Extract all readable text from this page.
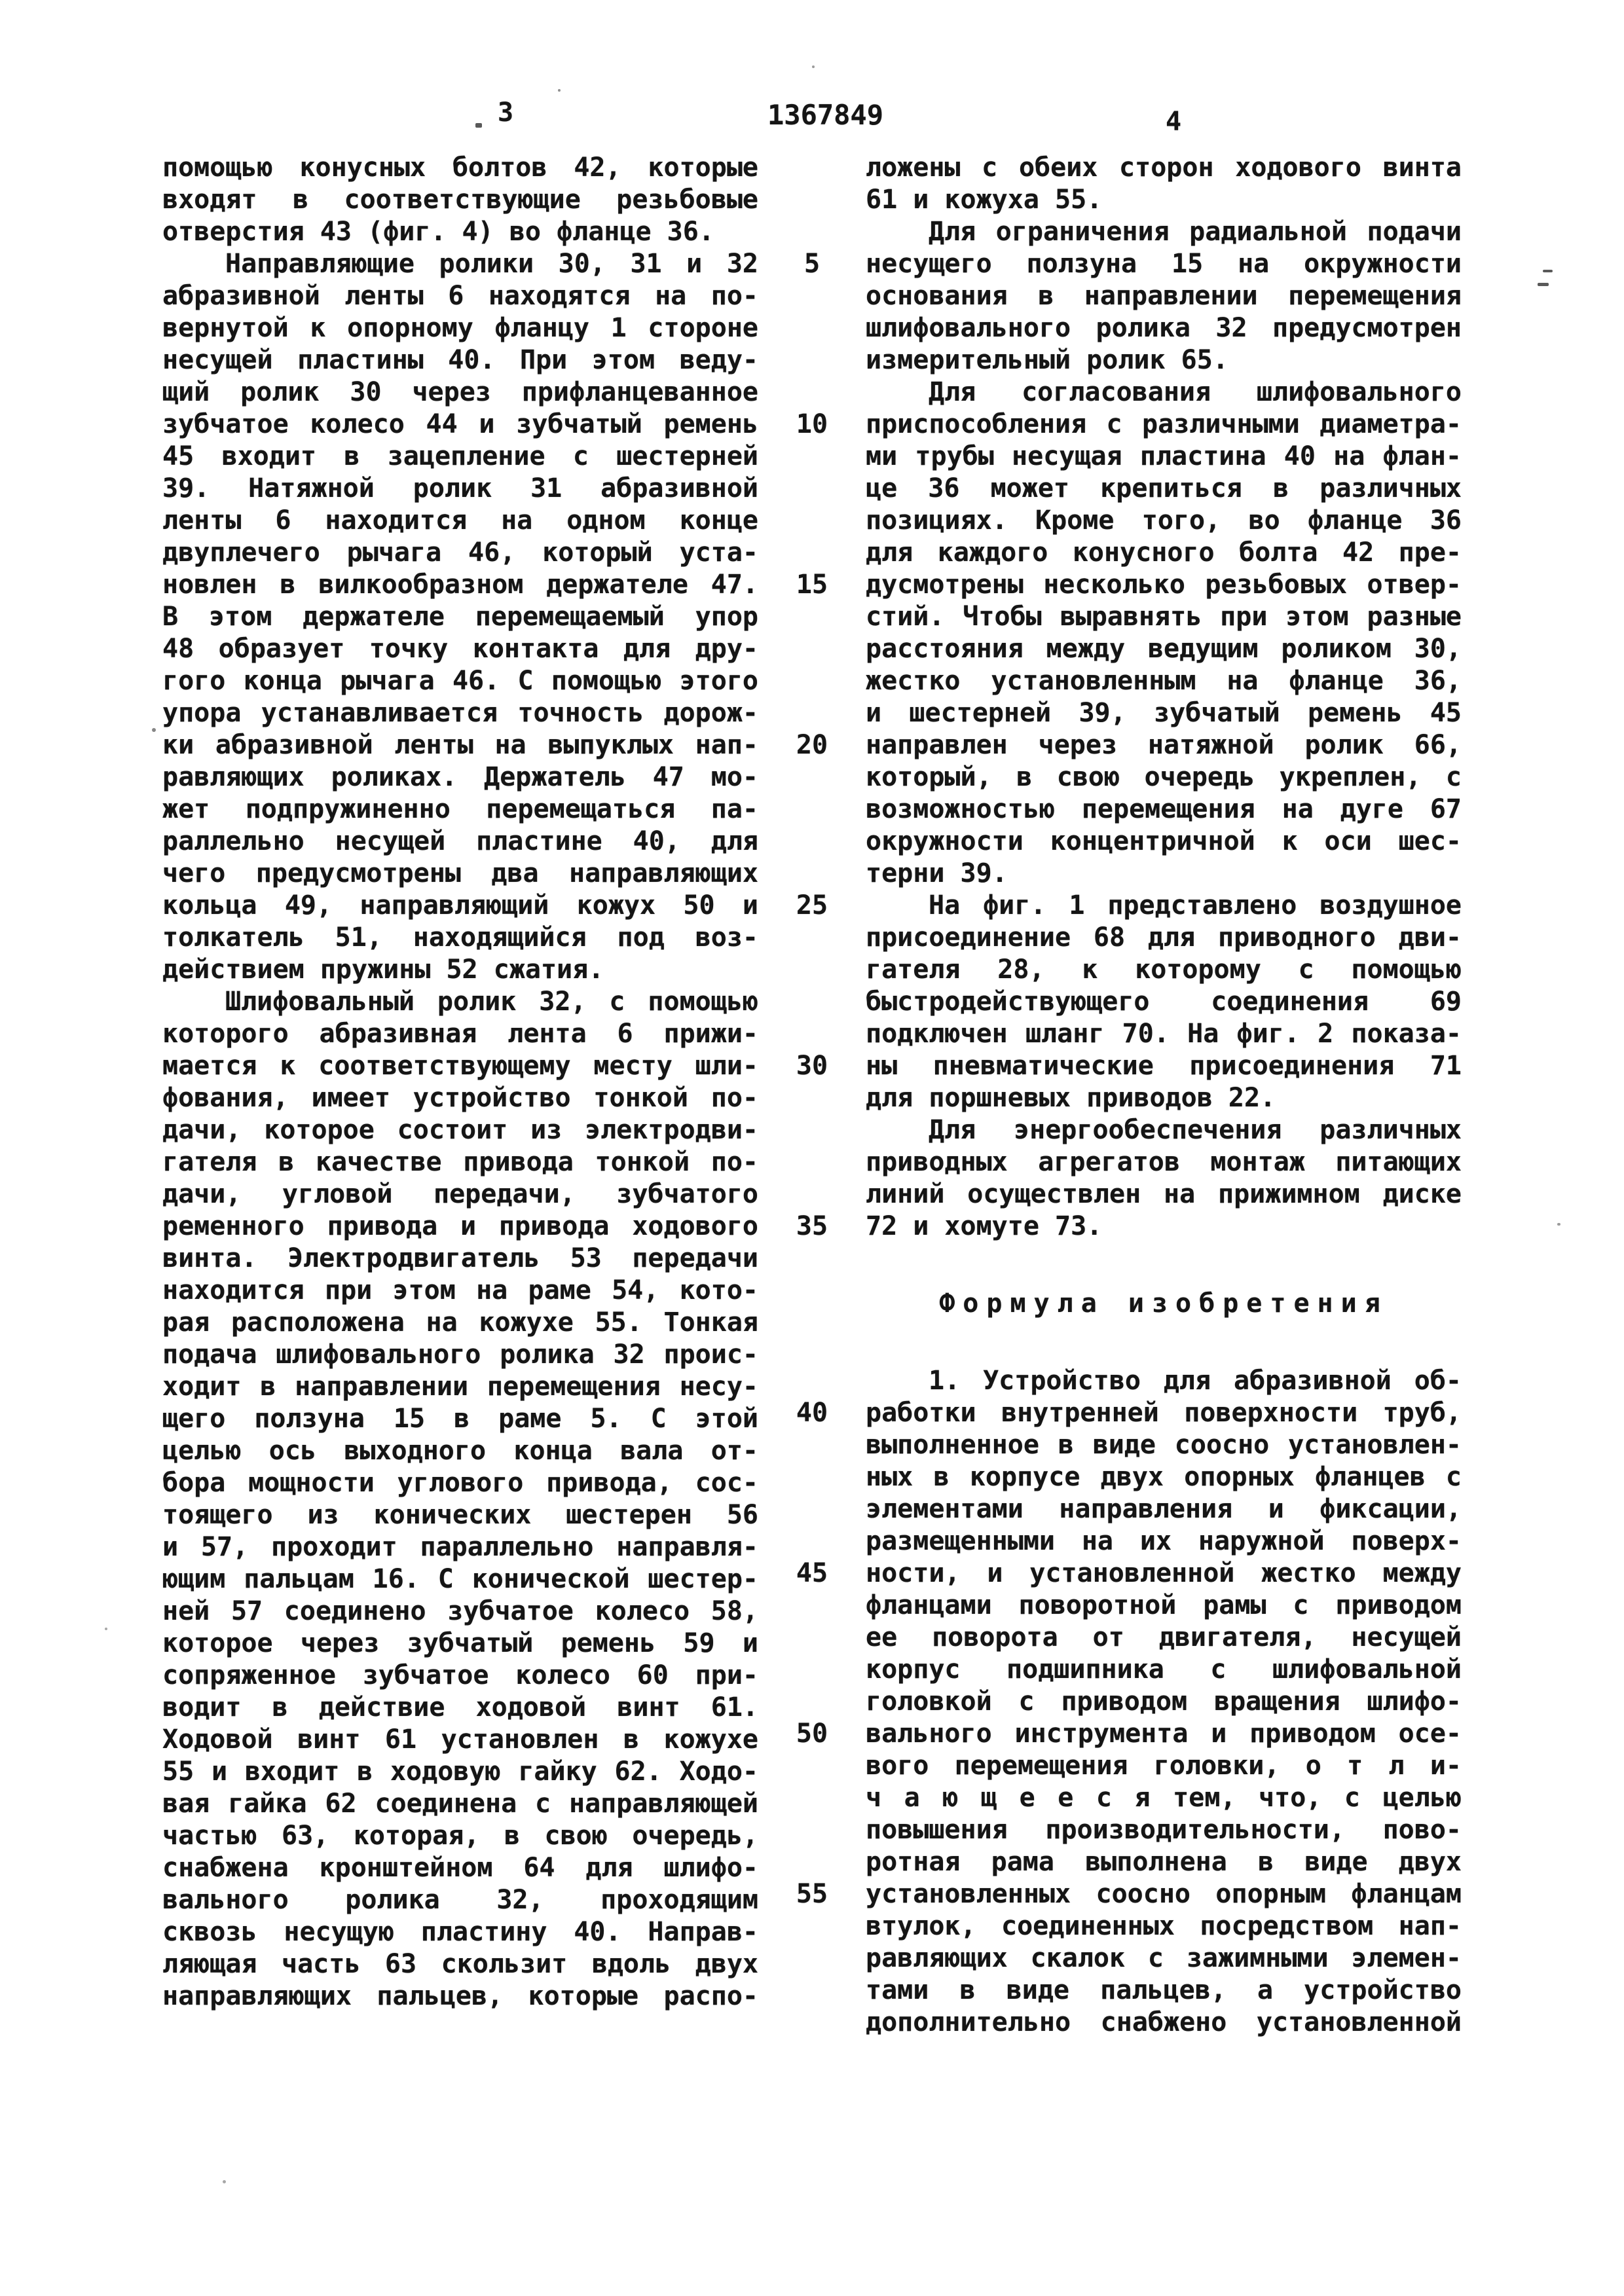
3	1367849	4
помощью конусных болтов 42, которые
входят в соответствующие резьбовые
отверстия 43 (фиг. 4) во фланце 36.
Направляющие ролики 30, 31 и 32
абразивной ленты 6 находятся на по-
вернутой к опорному фланцу 1 стороне
несущей пластины 40. При этом веду-
щий ролик 30 через прифланцеванное
зубчатое колесо 44 и зубчатый ремень
45 входит в зацепление с шестерней
39. Натяжной ролик 31 абразивной
ленты 6 находится на одном конце
двуплечего рычага 46, который уста-
новлен в вилкообразном держателе 47.
В этом держателе перемещаемый упор
48 образует точку контакта для дру-
гого конца рычага 46. С помощью этого
упора устанавливается точность дорож-
ки абразивной ленты на выпуклых нап-
равляющих роликах. Держатель 47 мо-
жет подпружиненно перемещаться па-
раллельно несущей пластине 40, для
чего предусмотрены два направляющих
кольца 49, направляющий кожух 50 и
толкатель 51, находящийся под воз-
действием пружины 52 сжатия.
Шлифовальный ролик 32, с помощью
которого абразивная лента 6 прижи-
мается к соответствующему месту шли-
фования, имеет устройство тонкой по-
дачи, которое состоит из электродви-
гателя в качестве привода тонкой по-
дачи, угловой передачи, зубчатого
ременного привода и привода ходового
винта. Электродвигатель 53 передачи
находится при этом на раме 54, кото-
рая расположена на кожухе 55. Тонкая
подача шлифовального ролика 32 проис-
ходит в направлении перемещения несу-
щего ползуна 15 в раме 5. С этой
целью ось выходного конца вала от-
бора мощности углового привода, сос-
тоящего из конических шестерен 56
и 57, проходит параллельно направля-
ющим пальцам 16. С конической шестер-
ней 57 соединено зубчатое колесо 58,
которое через зубчатый ремень 59 и
сопряженное зубчатое колесо 60 при-
водит в действие ходовой винт 61.
Ходовой винт 61 установлен в кожухе
55 и входит в ходовую гайку 62. Ходо-
вая гайка 62 соединена с направляющей
частью 63, которая, в свою очередь,
снабжена кронштейном 64 для шлифо-
вального ролика 32, проходящим
сквозь несущую пластину 40. Направ-
ляющая часть 63 скользит вдоль двух
направляющих пальцев, которые распо-
5
10
15
20
25
30
35
40
45
50
55
ложены с обеих сторон ходового винта
61 и кожуха 55.
Для ограничения радиальной подачи
несущего ползуна 15 на окружности
основания в направлении перемещения
шлифовального ролика 32 предусмотрен
измерительный ролик 65.
Для согласования шлифовального
приспособления с различными диаметра-
ми трубы несущая пластина 40 на флан-
це 36 может крепиться в различных
позициях. Кроме того, во фланце 36
для каждого конусного болта 42 пре-
дусмотрены несколько резьбовых отвер-
стий. Чтобы выравнять при этом разные
расстояния между ведущим роликом 30,
жестко установленным на фланце 36,
и шестерней 39, зубчатый ремень 45
направлен через натяжной ролик 66,
который, в свою очередь укреплен, с
возможностью перемещения на дуге 67
окружности концентричной к оси шес-
терни 39.
На фиг. 1 представлено воздушное
присоединение 68 для приводного дви-
гателя 28, к которому с помощью
быстродействующего соединения 69
подключен шланг 70. На фиг. 2 показа-
ны пневматические присоединения 71
для поршневых приводов 22.
Для энергообеспечения различных
приводных агрегатов монтаж питающих
линий осуществлен на прижимном диске
72 и хомуте 73.

Формула изобретения

1. Устройство для абразивной об-
работки внутренней поверхности труб,
выполненное в виде соосно установлен-
ных в корпусе двух опорных фланцев с
элементами направления и фиксации,
размещенными на их наружной поверх-
ности, и установленной жестко между
фланцами поворотной рамы с приводом
ее поворота от двигателя, несущей
корпус подшипника с шлифовальной
головкой с приводом вращения шлифо-
вального инструмента и приводом осе-
вого перемещения головки, о т л и-
ч а ю щ е е с я тем, что, с целью
повышения производительности, пово-
ротная рама выполнена в виде двух
установленных соосно опорным фланцам
втулок, соединенных посредством нап-
равляющих скалок с зажимными элемен-
тами в виде пальцев, а устройство
дополнительно снабжено установленной
